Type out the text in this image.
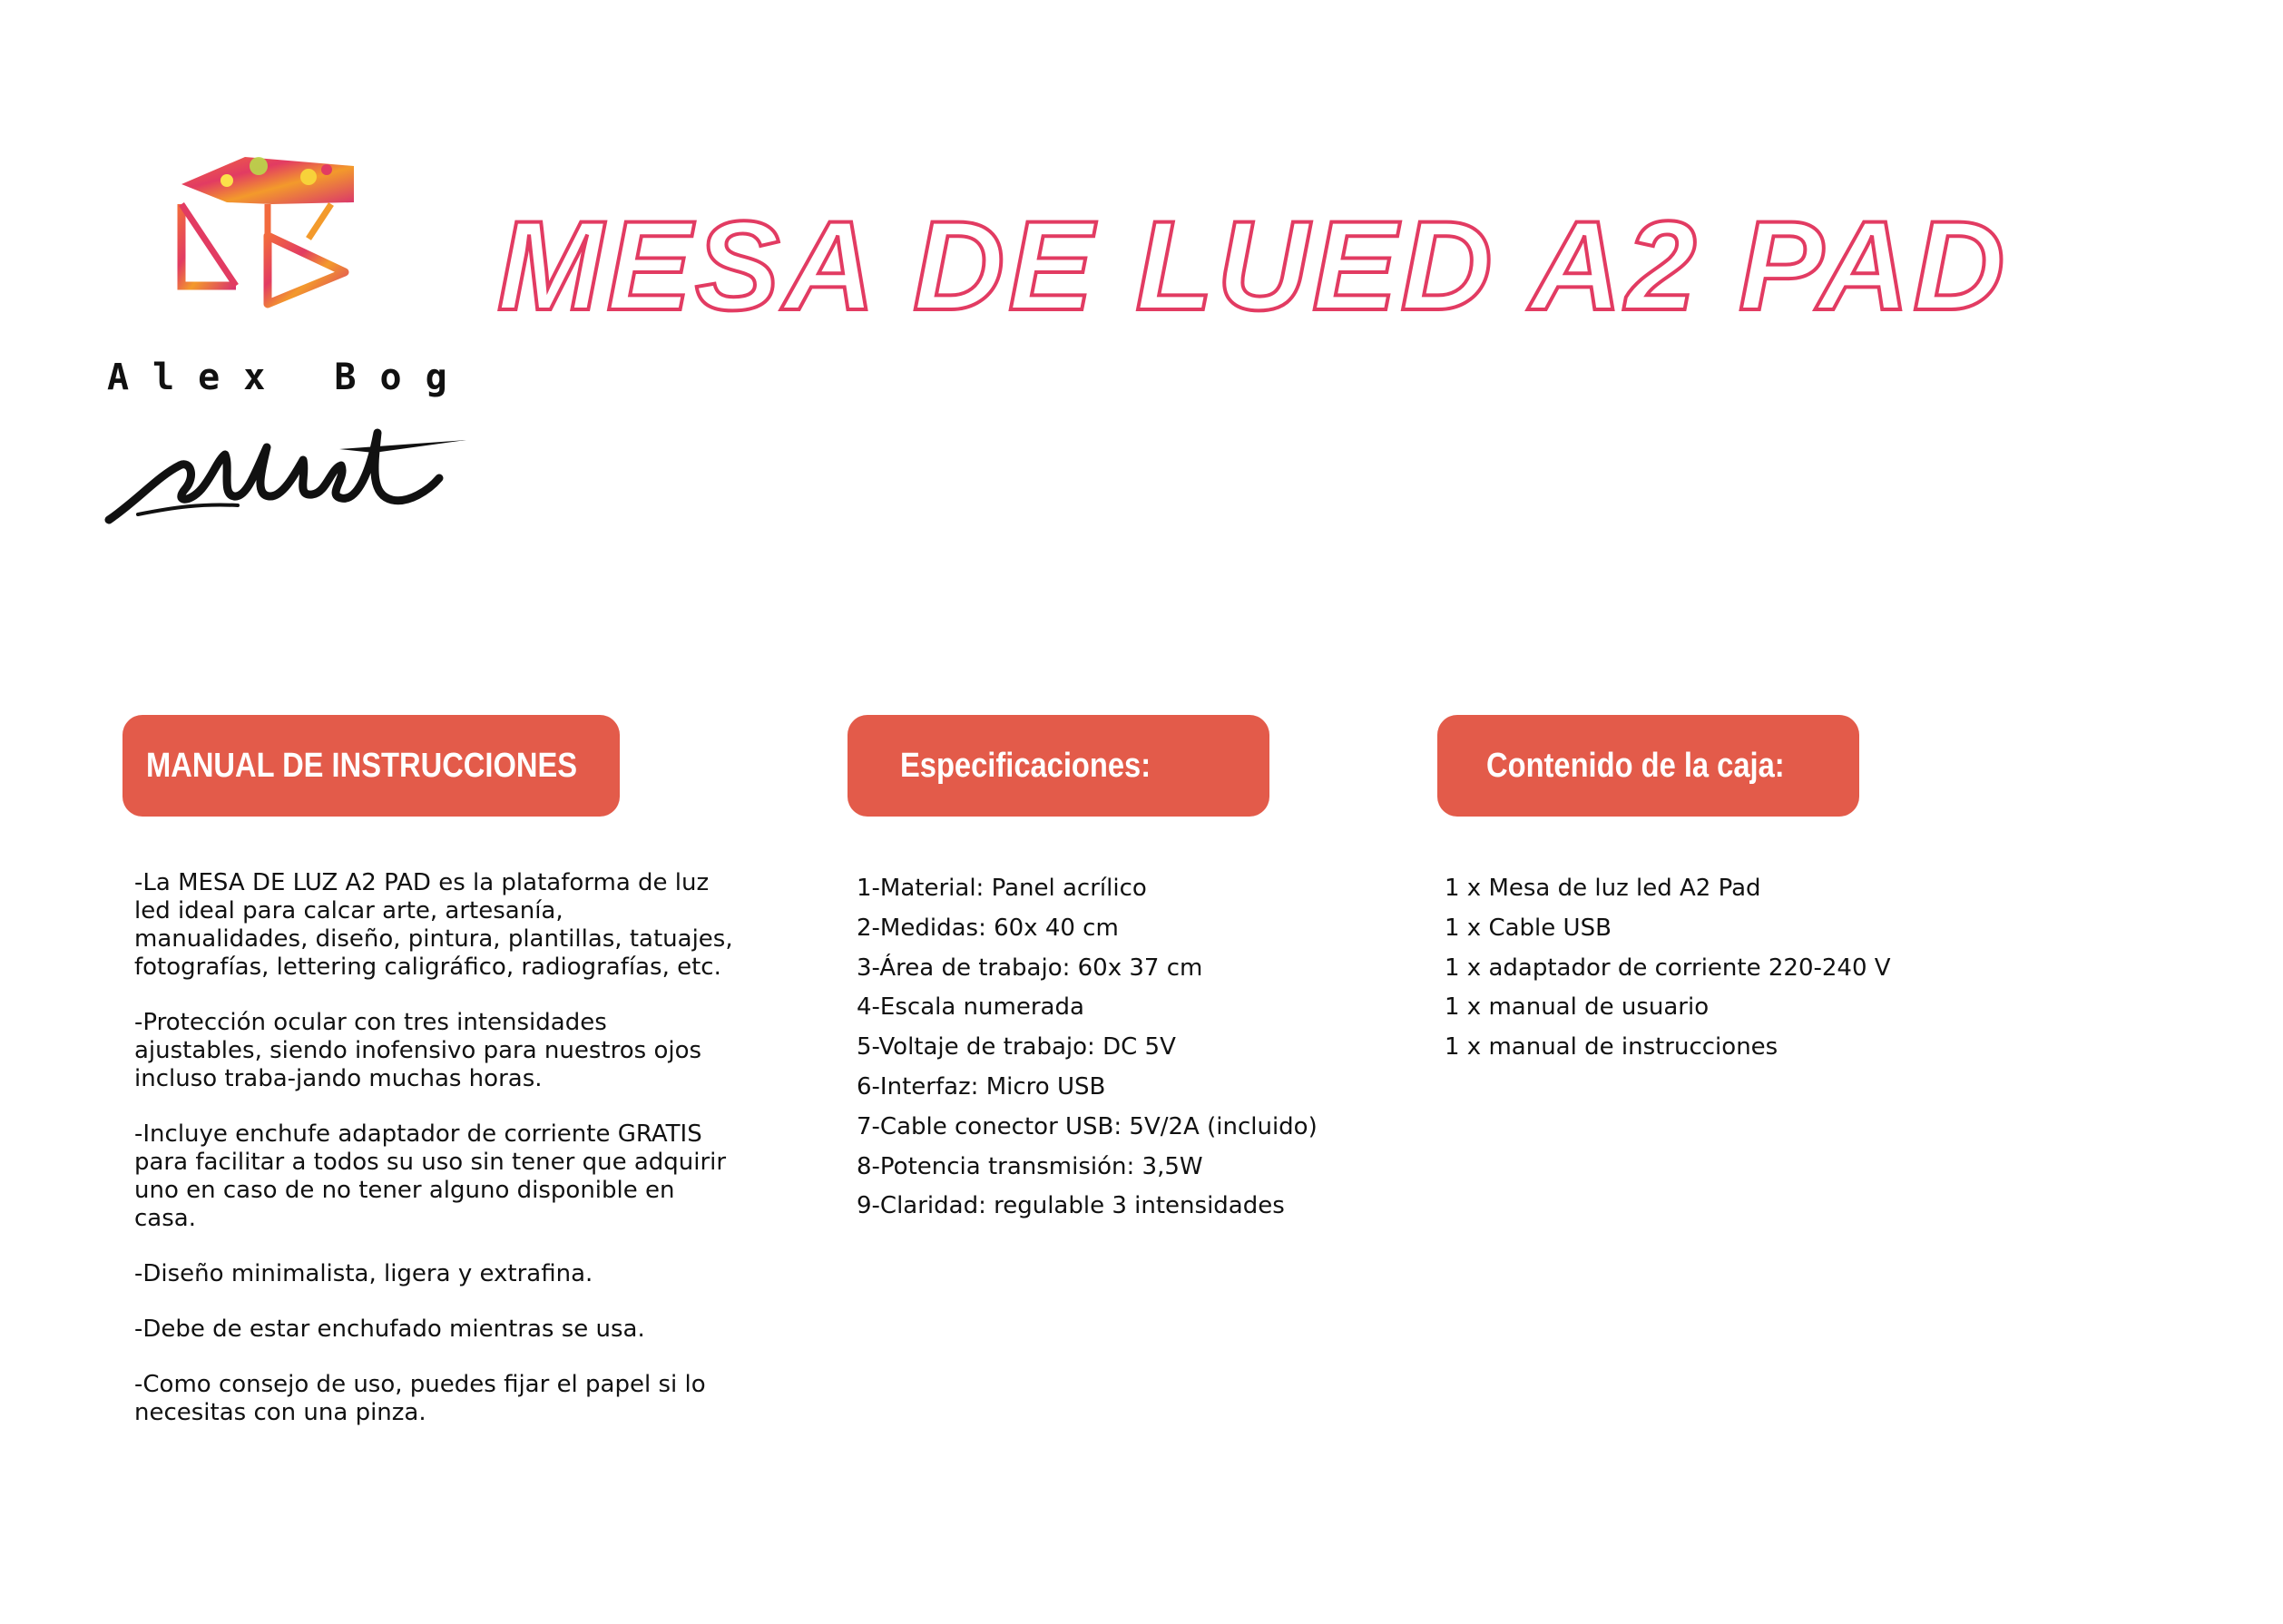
Alex Bog
MESA DE LUED A2 PAD
MANUAL DE INSTRUCCIONES	Especificaciones:	Contenido de la caja:

-La MESA DE LUZ A2 PAD es la plataforma de luz led ideal para calcar arte, artesanía, manualidades, diseño, pintura, plantillas, tatuajes, fotografías, lettering caligráfico, radiografías, etc.

-Protección ocular con tres intensidades ajustables, siendo inofensivo para nuestros ojos incluso traba-jando muchas horas.

-Incluye enchufe adaptador de corriente GRATIS para facilitar a todos su uso sin tener que adquirir uno en caso de no tener alguno disponible en casa.

-Diseño minimalista, ligera y extrafina.

-Debe de estar enchufado mientras se usa.

-Como consejo de uso, puedes fijar el papel si lo necesitas con una pinza.

1-Material: Panel acrílico
2-Medidas: 60x 40 cm
3-Área de trabajo: 60x 37 cm
4-Escala numerada
5-Voltaje de trabajo: DC 5V
6-Interfaz: Micro USB
7-Cable conector USB: 5V/2A (incluido)
8-Potencia transmisión: 3,5W
9-Claridad: regulable 3 intensidades
1 x Mesa de luz led A2 Pad
1 x Cable USB
1 x adaptador de corriente 220-240 V
1 x manual de usuario
1 x manual de instrucciones
